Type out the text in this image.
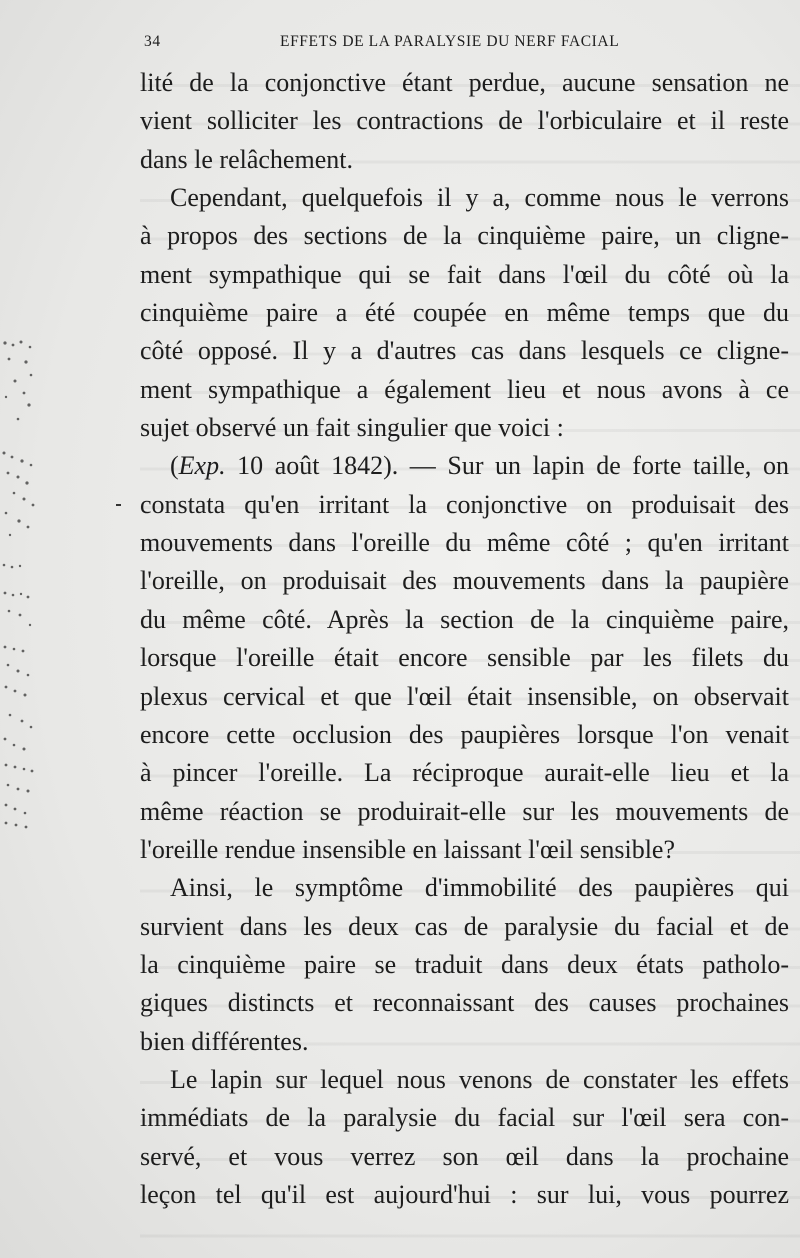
34	EFFETS DE LA PARALYSIE DU NERF FACIAL
lité de la conjonctive étant perdue, aucune sensation ne
vient solliciter les contractions de l'orbiculaire et il reste
dans le relâchement.
Cependant, quelquefois il y a, comme nous le verrons
à propos des sections de la cinquième paire, un cligne-
ment sympathique qui se fait dans l'œil du côté où la
cinquième paire a été coupée en même temps que du
côté opposé. Il y a d'autres cas dans lesquels ce cligne-
ment sympathique a également lieu et nous avons à ce
sujet observé un fait singulier que voici :
(Exp. 10 août 1842). — Sur un lapin de forte taille, on
constata qu'en irritant la conjonctive on produisait des
mouvements dans l'oreille du même côté ; qu'en irritant
l'oreille, on produisait des mouvements dans la paupière
du même côté. Après la section de la cinquième paire,
lorsque l'oreille était encore sensible par les filets du
plexus cervical et que l'œil était insensible, on observait
encore cette occlusion des paupières lorsque l'on venait
à pincer l'oreille. La réciproque aurait-elle lieu et la
même réaction se produirait-elle sur les mouvements de
l'oreille rendue insensible en laissant l'œil sensible?
Ainsi, le symptôme d'immobilité des paupières qui
survient dans les deux cas de paralysie du facial et de
la cinquième paire se traduit dans deux états patholo-
giques distincts et reconnaissant des causes prochaines
bien différentes.
Le lapin sur lequel nous venons de constater les effets
immédiats de la paralysie du facial sur l'œil sera con-
servé, et vous verrez son œil dans la prochaine
leçon tel qu'il est aujourd'hui : sur lui, vous pourrez
